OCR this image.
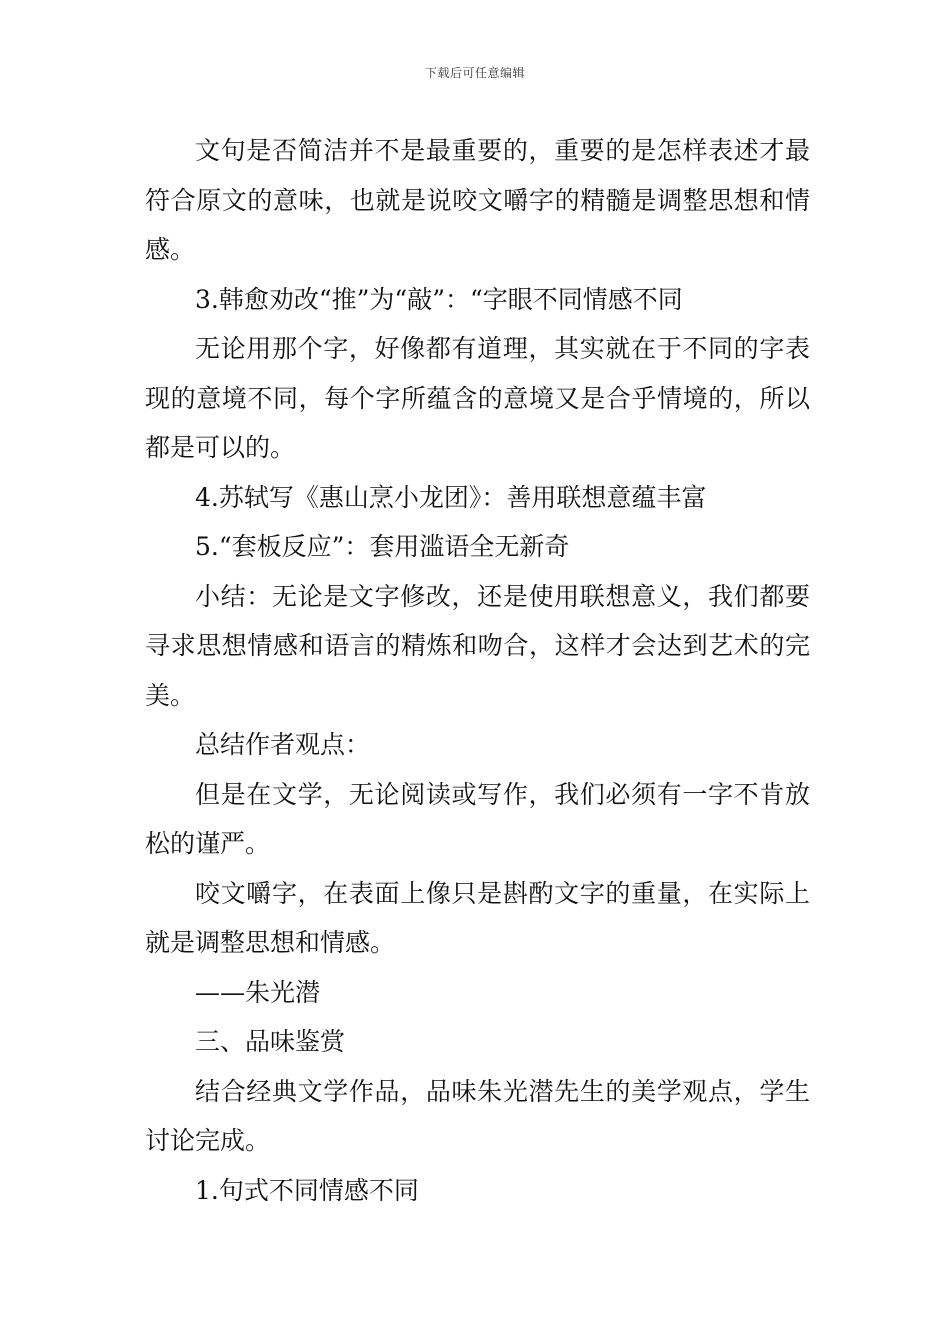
下载后可任意编辑

文句是否简洁并不是最重要的，重要的是怎样表述才最符合原文的意味，也就是说咬文嚼字的精髓是调整思想和情感。

3.韩愈劝改“推”为“敲”：“字眼不同情感不同

无论用那个字，好像都有道理，其实就在于不同的字表现的意境不同，每个字所蕴含的意境又是合乎情境的，所以都是可以的。

4.苏轼写《惠山烹小龙团》：善用联想意蕴丰富

5.“套板反应”：套用滥语全无新奇

小结：无论是文字修改，还是使用联想意义，我们都要寻求思想情感和语言的精炼和吻合，这样才会达到艺术的完美。

总结作者观点：

但是在文学，无论阅读或写作，我们必须有一字不肯放松的谨严。

咬文嚼字，在表面上像只是斟酌文字的重量，在实际上就是调整思想和情感。

——朱光潜

三、品味鉴赏

结合经典文学作品，品味朱光潜先生的美学观点，学生讨论完成。

1.句式不同情感不同
